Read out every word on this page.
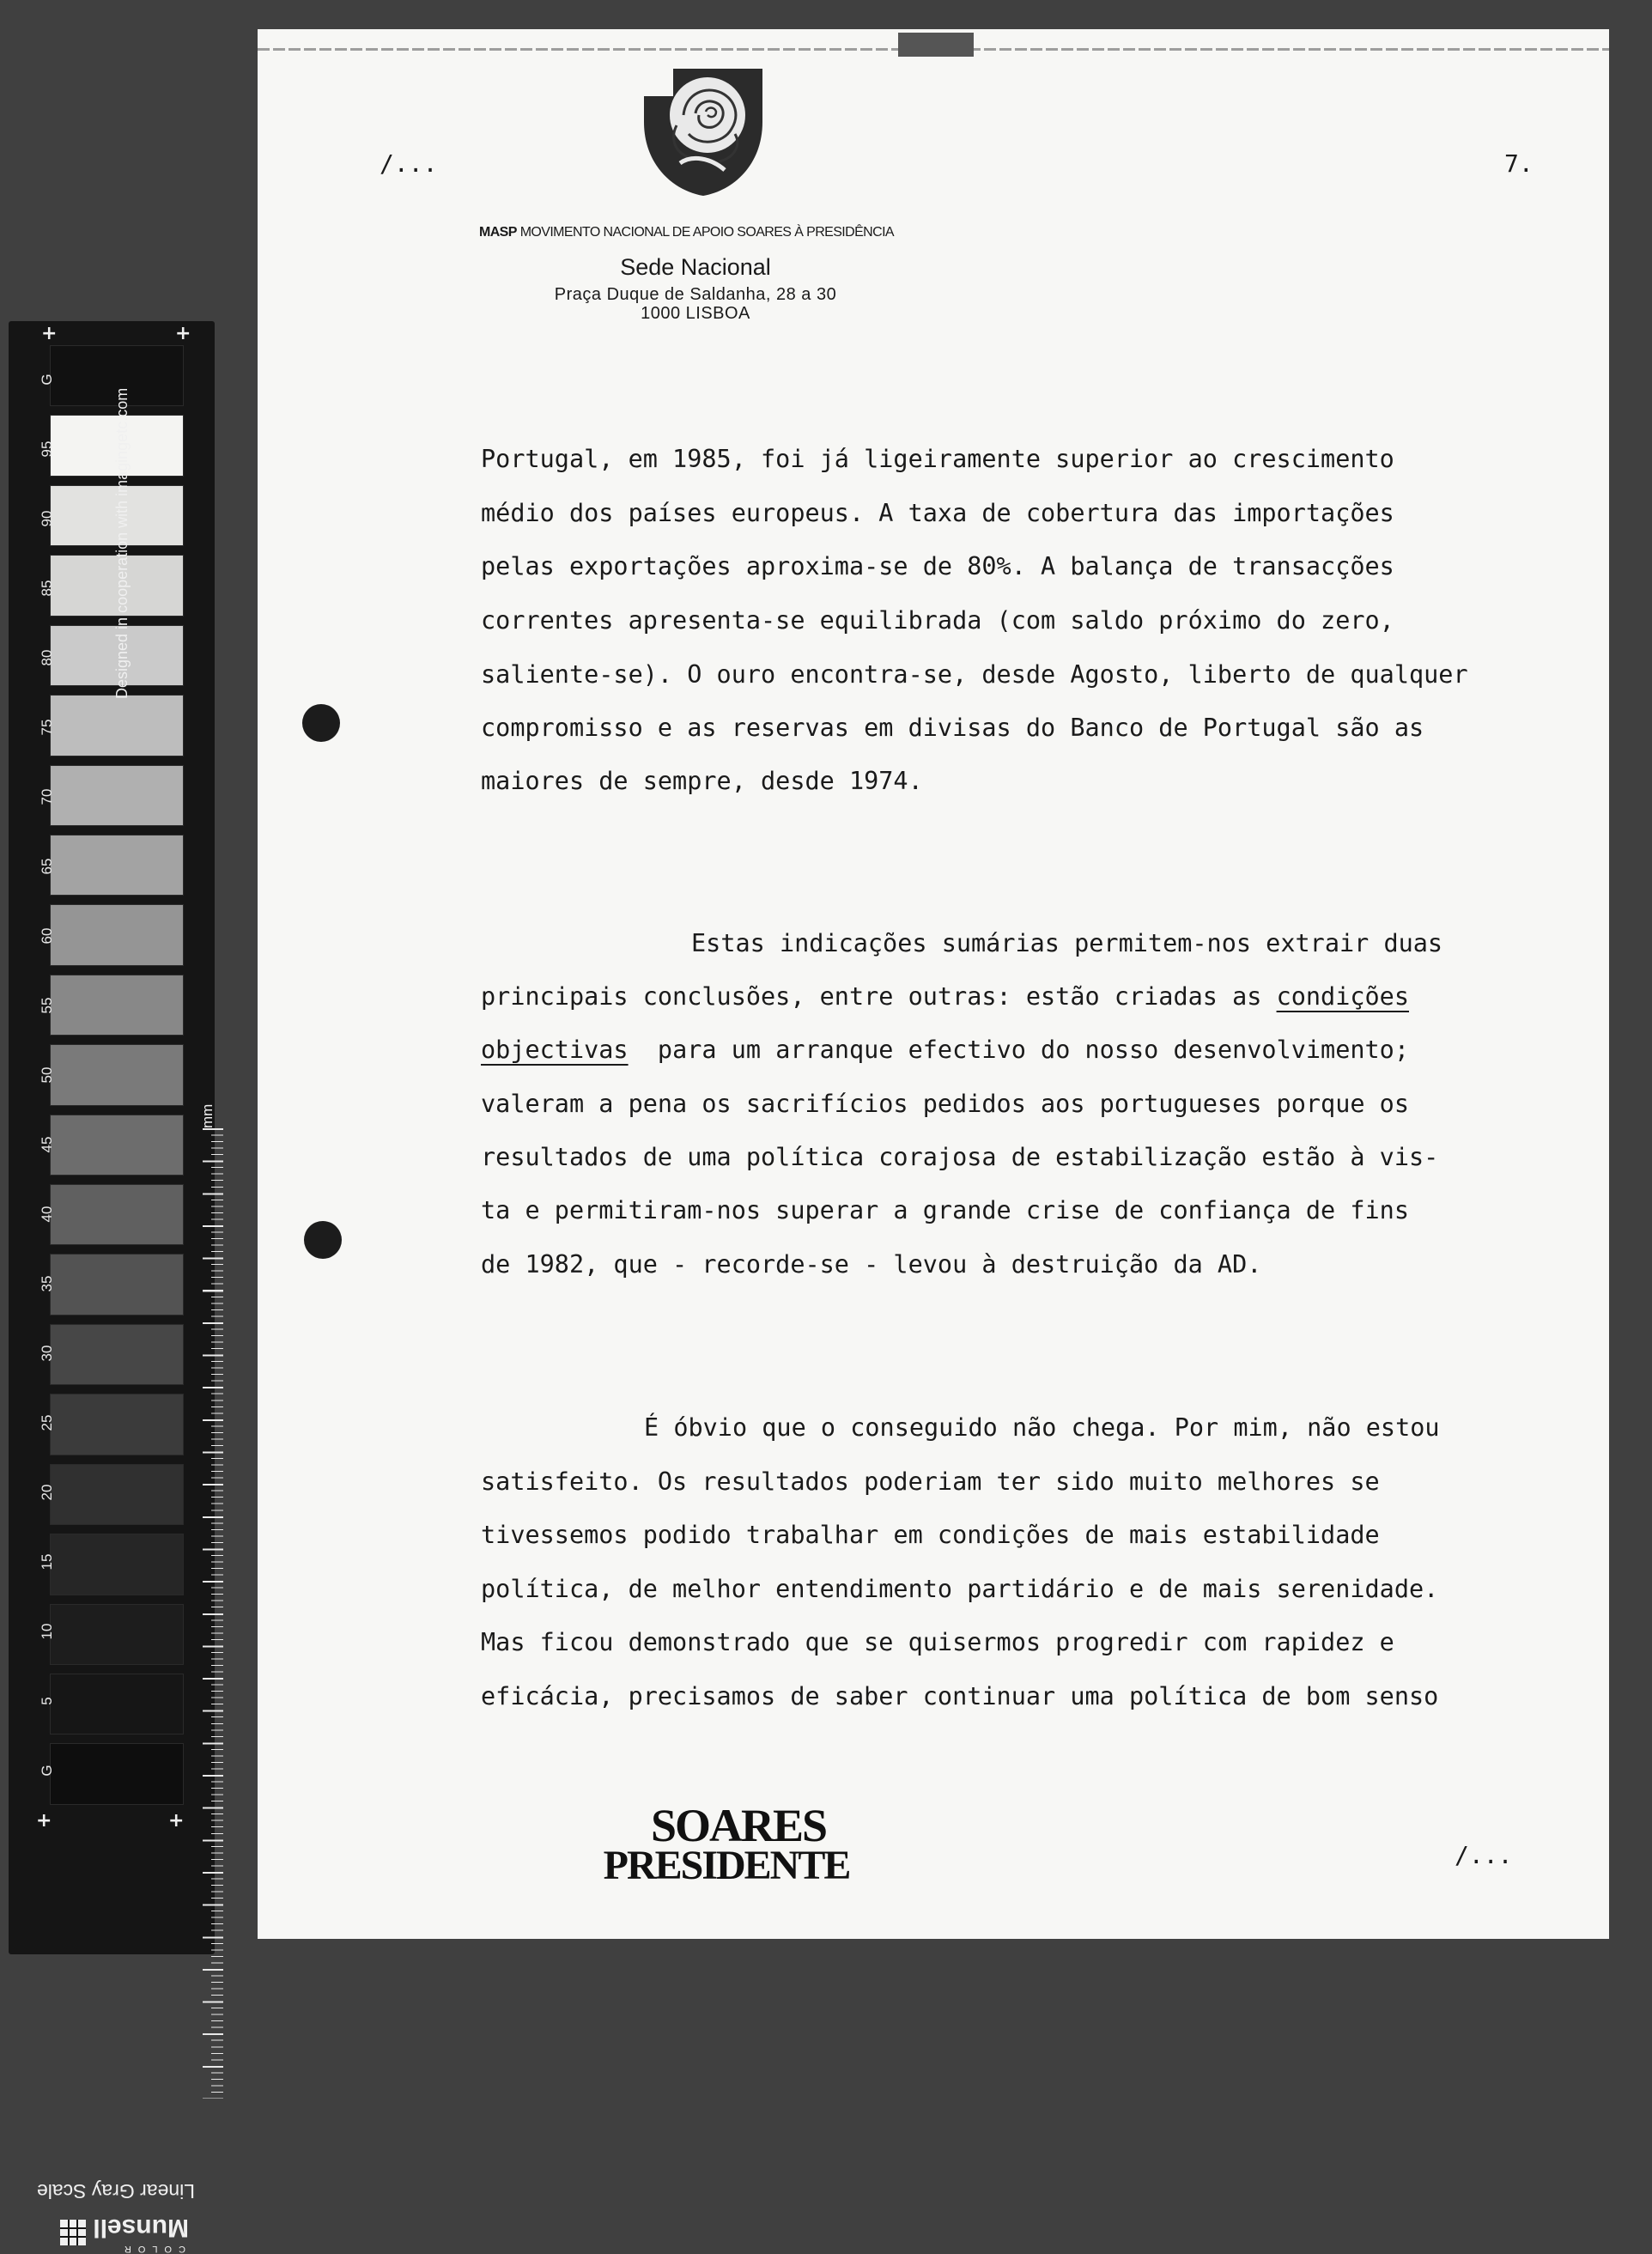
+	+
+	+
Designed in cooperation with imagingetc.com
mm
Linear Gray Scale
COLOR
Munsell
G
95
90
85
80
75
70
65
60
55
50
45
40
35
30
25
20
15
10
5
G
/...	7.
MASP MOVIMENTO NACIONAL DE APOIO SOARES À PRESIDÊNCIA
Sede Nacional
Praça Duque de Saldanha, 28 a 30
1000 LISBOA
Portugal, em 1985, foi já ligeiramente superior ao crescimento
médio dos países europeus. A taxa de cobertura das importações
pelas exportações aproxima-se de 80%. A balança de transacções
correntes apresenta-se equilibrada (com saldo próximo do zero,
saliente-se). O ouro encontra-se, desde Agosto, liberto de qualquer
compromisso e as reservas em divisas do Banco de Portugal são as
maiores de sempre, desde 1974.
Estas indicações sumárias permitem-nos extrair duas
principais conclusões, entre outras: estão criadas as condições
objectivas para um arranque efectivo do nosso desenvolvimento;
valeram a pena os sacrifícios pedidos aos portugueses porque os
resultados de uma política corajosa de estabilização estão à vis-
ta e permitiram-nos superar a grande crise de confiança de fins
de 1982, que - recorde-se - levou à destruição da AD.
É óbvio que o conseguido não chega. Por mim, não estou
satisfeito. Os resultados poderiam ter sido muito melhores se
tivessemos podido trabalhar em condições de mais estabilidade
política, de melhor entendimento partidário e de mais serenidade.
Mas ficou demonstrado que se quisermos progredir com rapidez e
eficácia, precisamos de saber continuar uma política de bom senso
SOARES
PRESIDENTE	/...
